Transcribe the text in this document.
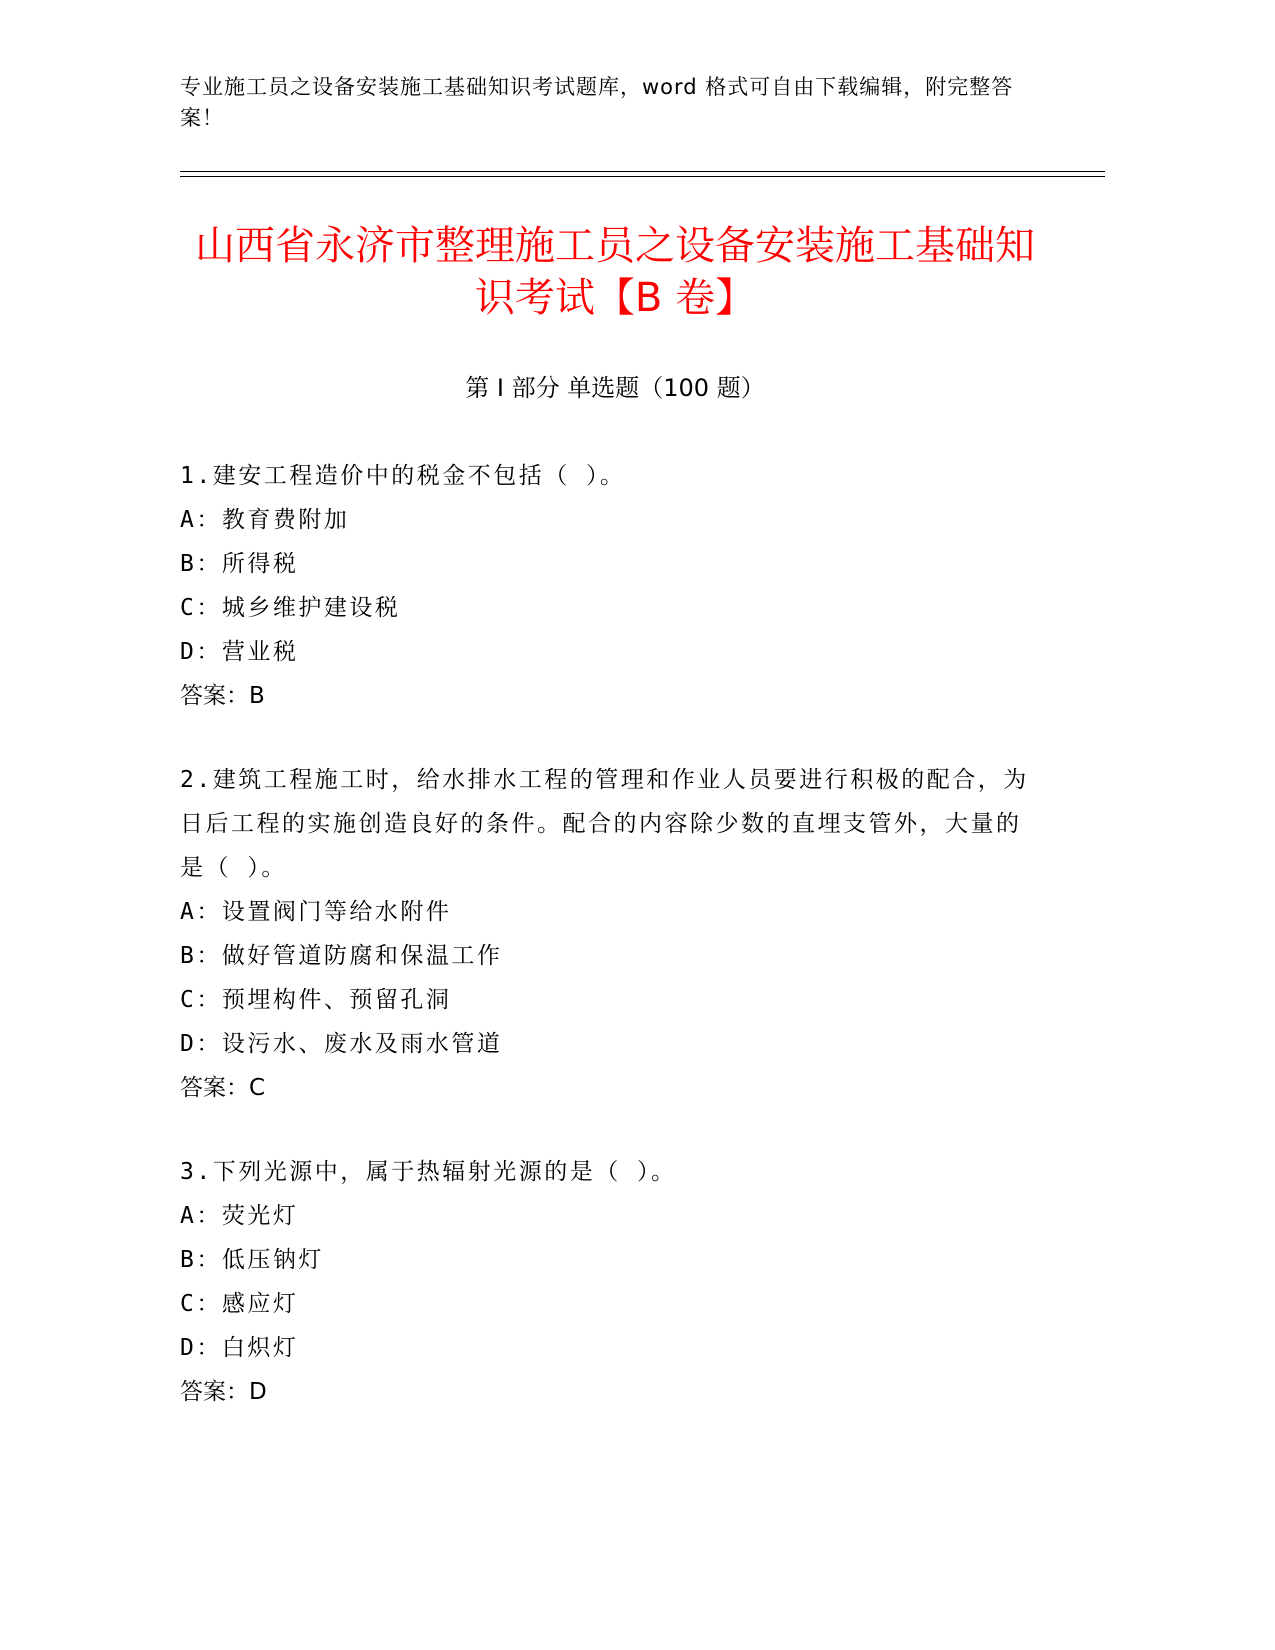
专业施工员之设备安装施工基础知识考试题库，word 格式可自由下载编辑，附完整答案！
山西省永济市整理施工员之设备安装施工基础知识考试【B 卷】
第 I 部分 单选题（100 题）
1.建安工程造价中的税金不包括（ ）。
A：教育费附加
B：所得税
C：城乡维护建设税
D：营业税
答案：B
2.建筑工程施工时，给水排水工程的管理和作业人员要进行积极的配合，为日后工程的实施创造良好的条件。配合的内容除少数的直埋支管外，大量的是（ ）。
A：设置阀门等给水附件
B：做好管道防腐和保温工作
C：预埋构件、预留孔洞
D：设污水、废水及雨水管道
答案：C
3.下列光源中，属于热辐射光源的是（ ）。
A：荧光灯
B：低压钠灯
C：感应灯
D：白炽灯
答案：D
